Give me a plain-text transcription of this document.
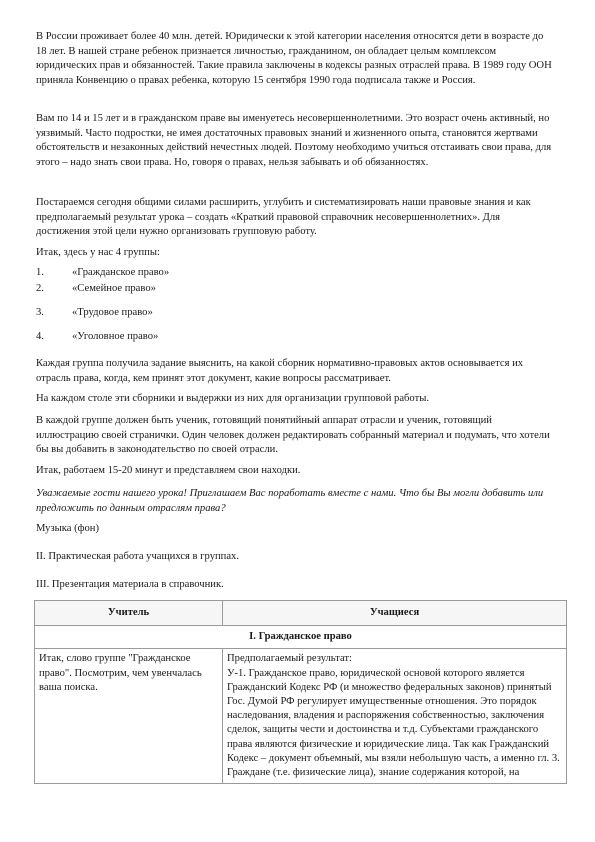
В России проживает более 40 млн. детей. Юридически к этой категории населения относятся дети в возрасте до 18 лет. В нашей стране ребенок признается личностью, гражданином, он обладает целым комплексом юридических прав и обязанностей. Такие правила заключены в кодексы разных отраслей права. В 1989 году ООН приняла Конвенцию о правах ребенка, которую 15 сентября 1990 года подписала также и Россия.

Вам по 14 и 15 лет и в гражданском праве вы именуетесь несовершеннолетними. Это возраст очень активный, но уязвимый. Часто подростки, не имея достаточных правовых знаний и жизненного опыта, становятся жертвами обстоятельств и незаконных действий нечестных людей. Поэтому необходимо учиться отстаивать свои права, для этого – надо знать свои права. Но, говоря о правах, нельзя забывать и об обязанностях.

Постараемся сегодня общими силами расширить, углубить и систематизировать наши правовые знания и как предполагаемый результат урока – создать «Краткий правовой справочник несовершеннолетних». Для достижения этой цели нужно организовать групповую работу.

Итак, здесь у нас 4 группы:

1.	«Гражданское право»
2.	«Семейное право»
3.	«Трудовое право»
4.	«Уголовное право»

Каждая группа получила задание выяснить, на какой сборник нормативно-правовых актов основывается их отрасль права, когда, кем принят этот документ, какие вопросы рассматривает.

На каждом столе эти сборники и выдержки из них для организации групповой работы.

В каждой группе должен быть ученик, готовящий понятийный аппарат отрасли и ученик, готовящий иллюстрацию своей странички. Один человек должен редактировать собранный материал и подумать, что хотели бы вы добавить в законодательство по своей отрасли.

Итак, работаем 15-20 минут и представляем свои находки.

Уважаемые гости нашего урока! Приглашаем Вас поработать вместе с нами. Что бы Вы могли добавить или предложить по данным отраслям права?

Музыка (фон)

II. Практическая работа учащихся в группах.

III. Презентация материала в справочник.

Учитель	Учащиеся
I. Гражданское право	
Итак, слово группе "Гражданское право". Посмотрим, чем увенчалась ваша поиска.	Предполагаемый результат:
У-1. Гражданское право, юридической основой которого является Гражданский Кодекс РФ (и множество федеральных законов) принятый Гос. Думой РФ регулирует имущественные отношения. Это порядок наследования, владения и распоряжения собственностью, заключения сделок, защиты чести и достоинства и т.д. Субъектами гражданского права являются физические и юридические лица. Так как Гражданский Кодекс – документ объемный, мы взяли небольшую часть, а именно гл. 3. Граждане (т.е. физические лица), знание содержания которой, на
